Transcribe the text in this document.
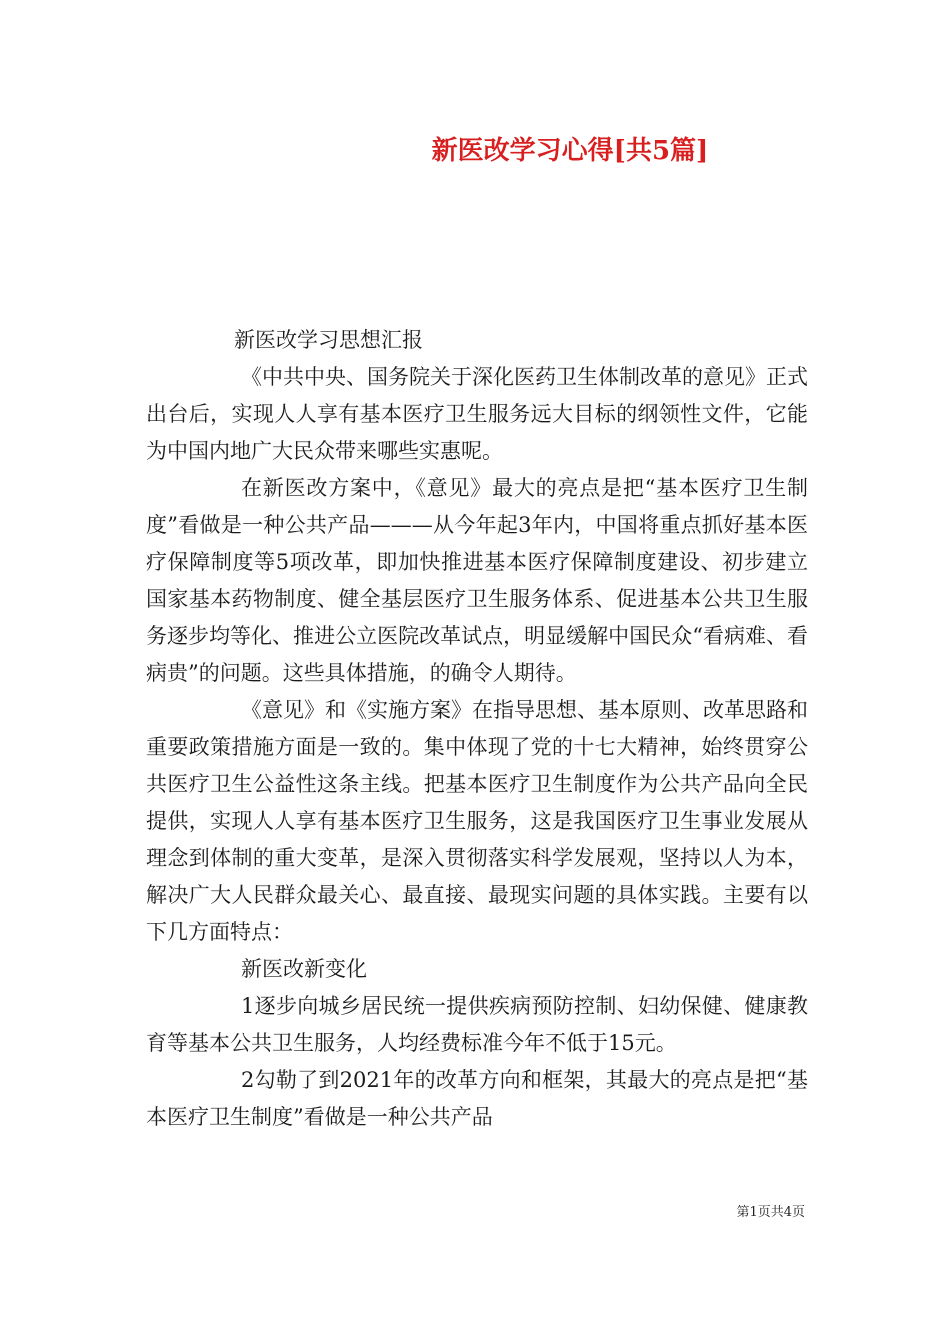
新医改学习心得[共5篇]

新医改学习思想汇报

《中共中央、国务院关于深化医药卫生体制改革的意见》正式出台后，实现人人享有基本医疗卫生服务远大目标的纲领性文件，它能为中国内地广大民众带来哪些实惠呢。

在新医改方案中，《意见》最大的亮点是把“基本医疗卫生制度”看做是一种公共产品———从今年起3年内，中国将重点抓好基本医疗保障制度等5项改革，即加快推进基本医疗保障制度建设、初步建立国家基本药物制度、健全基层医疗卫生服务体系、促进基本公共卫生服务逐步均等化、推进公立医院改革试点，明显缓解中国民众“看病难、看病贵”的问题。这些具体措施，的确令人期待。

《意见》和《实施方案》在指导思想、基本原则、改革思路和重要政策措施方面是一致的。集中体现了党的十七大精神，始终贯穿公共医疗卫生公益性这条主线。把基本医疗卫生制度作为公共产品向全民提供，实现人人享有基本医疗卫生服务，这是我国医疗卫生事业发展从理念到体制的重大变革，是深入贯彻落实科学发展观，坚持以人为本，解决广大人民群众最关心、最直接、最现实问题的具体实践。主要有以下几方面特点：

新医改新变化

1逐步向城乡居民统一提供疾病预防控制、妇幼保健、健康教育等基本公共卫生服务，人均经费标准今年不低于15元。

2勾勒了到2021年的改革方向和框架，其最大的亮点是把“基本医疗卫生制度”看做是一种公共产品

第1页共4页
